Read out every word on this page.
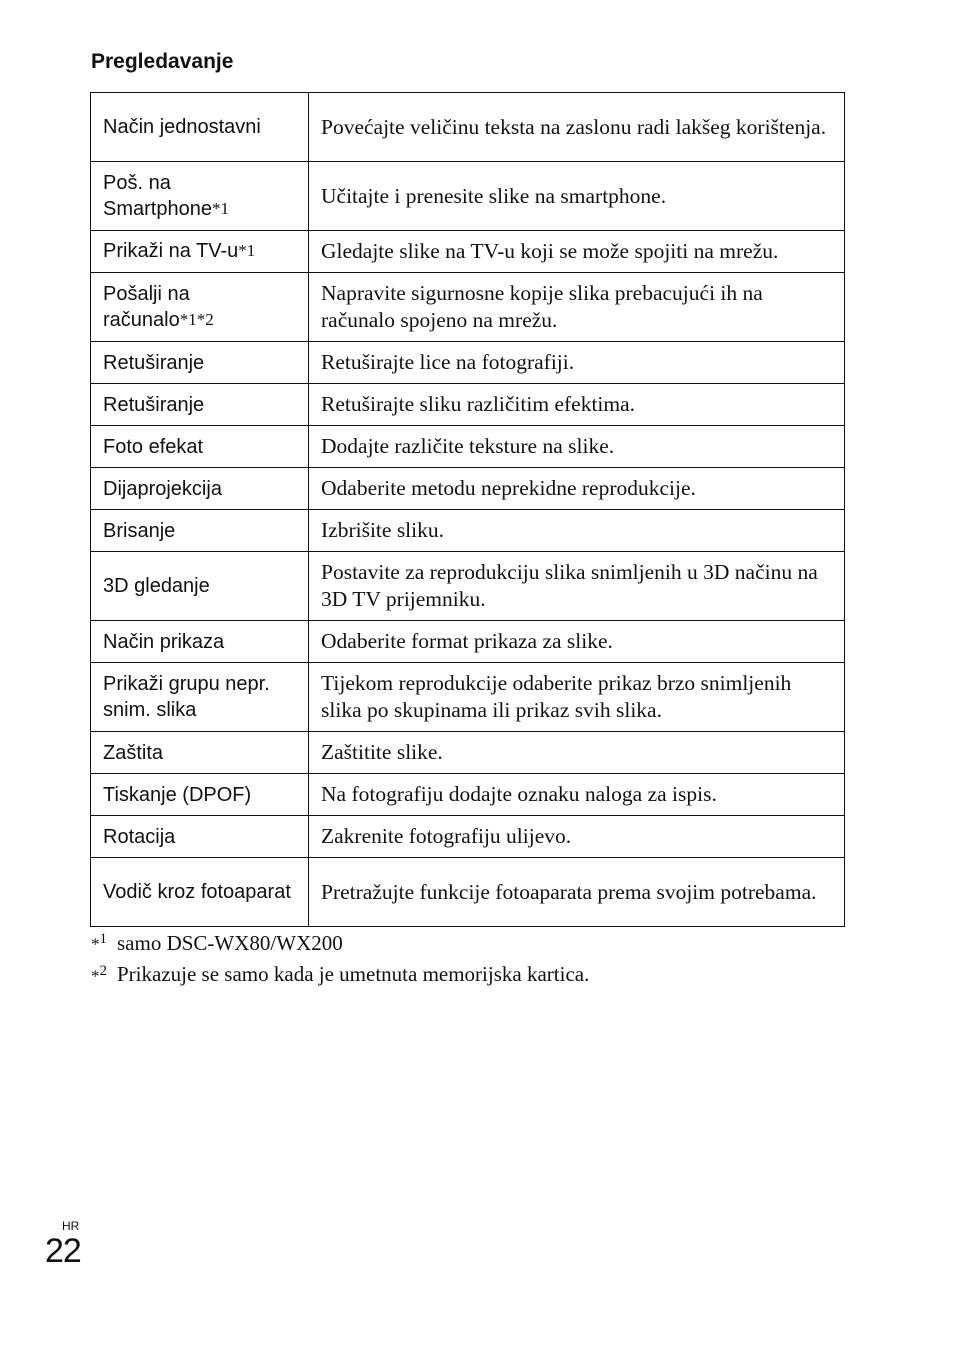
Pregledavanje
Način jednostavni	Povećajte veličinu teksta na zaslonu radi lakšeg korištenja.
Poš. na Smartphone*1	Učitajte i prenesite slike na smartphone.
Prikaži na TV-u*1	Gledajte slike na TV-u koji se može spojiti na mrežu.
Pošalji na računalo*1*2	Napravite sigurnosne kopije slika prebacujući ih na računalo spojeno na mrežu.
Retuširanje	Retuširajte lice na fotografiji.
Retuširanje	Retuširajte sliku različitim efektima.
Foto efekat	Dodajte različite teksture na slike.
Dijaprojekcija	Odaberite metodu neprekidne reprodukcije.
Brisanje	Izbrišite sliku.
3D gledanje	Postavite za reprodukciju slika snimljenih u 3D načinu na 3D TV prijemniku.
Način prikaza	Odaberite format prikaza za slike.
Prikaži grupu nepr. snim. slika	Tijekom reprodukcije odaberite prikaz brzo snimljenih slika po skupinama ili prikaz svih slika.
Zaštita	Zaštitite slike.
Tiskanje (DPOF)	Na fotografiju dodajte oznaku naloga za ispis.
Rotacija	Zakrenite fotografiju ulijevo.
Vodič kroz fotoaparat	Pretražujte funkcije fotoaparata prema svojim potrebama.
*$^1$ samo DSC-WX80/WX200
*$^2$ Prikazuje se samo kada je umetnuta memorijska kartica.
HR
22
